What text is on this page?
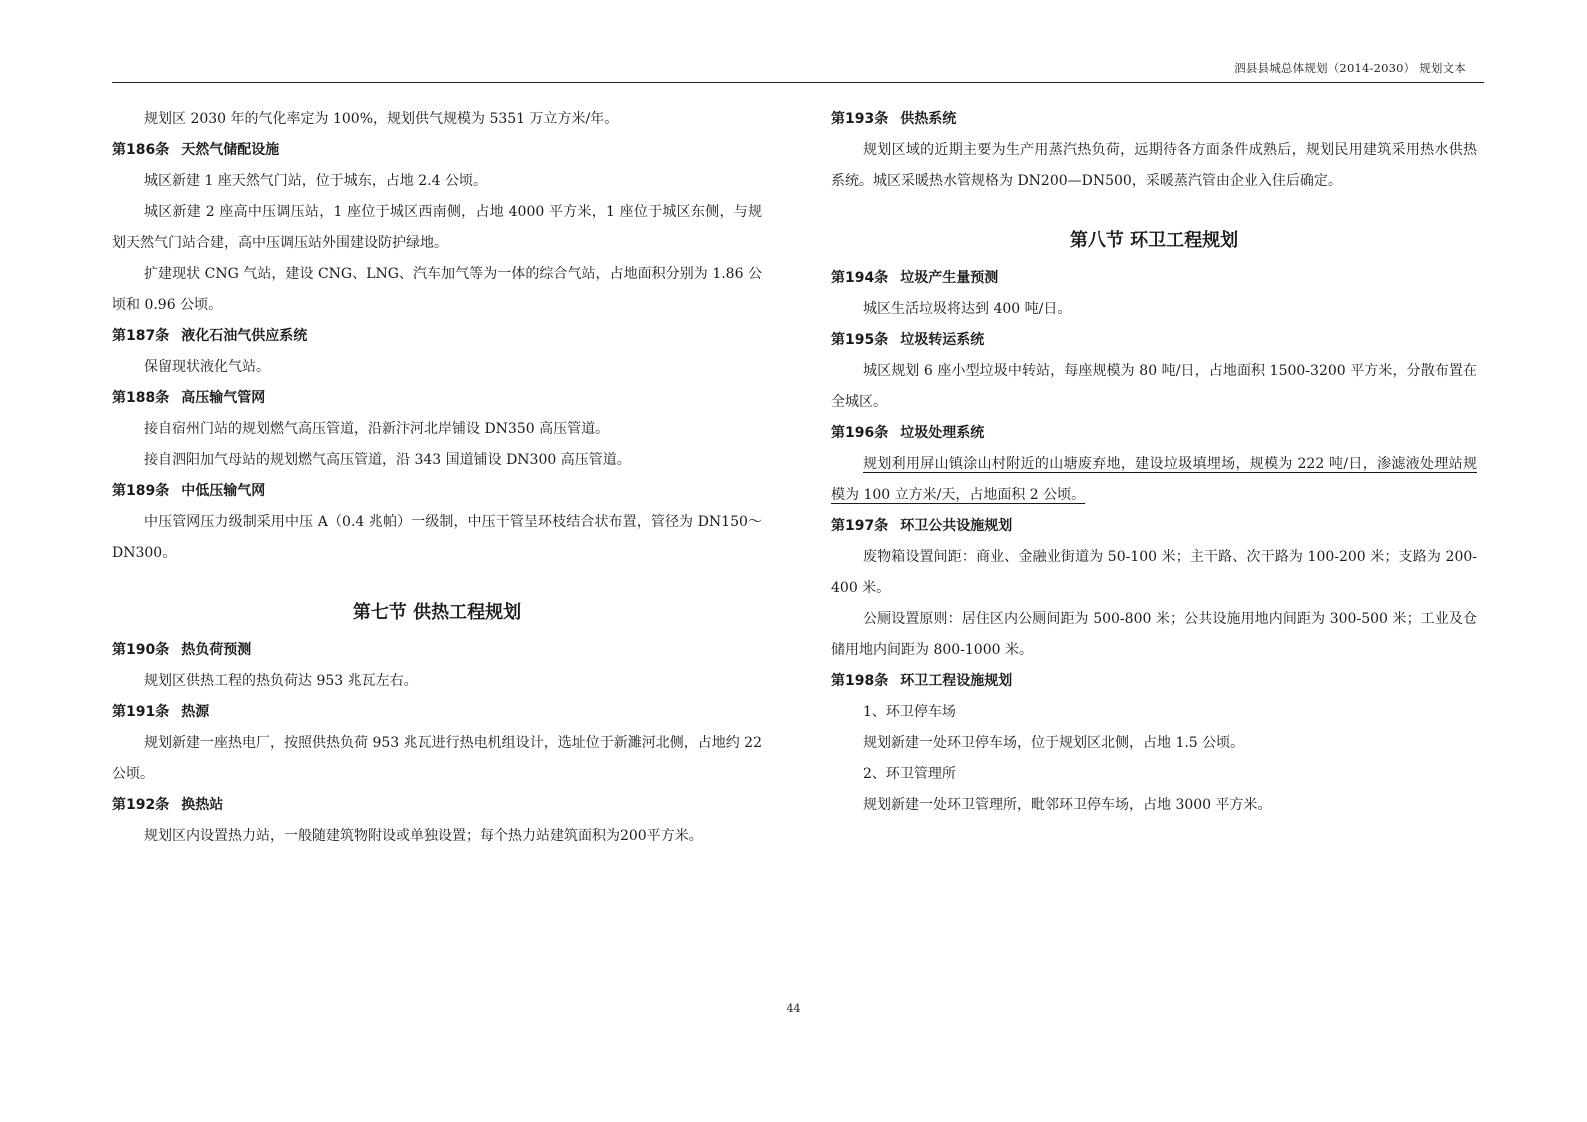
泗县县城总体规划（2014-2030） 规划文本

规划区 2030 年的气化率定为 100%，规划供气规模为 5351 万立方米/年。

第186条 天然气储配设施

城区新建 1 座天然气门站，位于城东，占地 2.4 公顷。

城区新建 2 座高中压调压站，1 座位于城区西南侧，占地 4000 平方米，1 座位于城区东侧，与规划天然气门站合建，高中压调压站外围建设防护绿地。

扩建现状 CNG 气站，建设 CNG、LNG、汽车加气等为一体的综合气站，占地面积分别为 1.86 公顷和 0.96 公顷。

第187条 液化石油气供应系统

保留现状液化气站。

第188条 高压输气管网

接自宿州门站的规划燃气高压管道，沿新汴河北岸铺设 DN350 高压管道。

接自泗阳加气母站的规划燃气高压管道，沿 343 国道铺设 DN300 高压管道。

第189条 中低压输气网

中压管网压力级制采用中压 A（0.4 兆帕）一级制，中压干管呈环枝结合状布置，管径为 DN150～DN300。

第七节 供热工程规划

第190条 热负荷预测

规划区供热工程的热负荷达 953 兆瓦左右。

第191条 热源

规划新建一座热电厂，按照供热负荷 953 兆瓦进行热电机组设计，选址位于新濉河北侧，占地约 22 公顷。

第192条 换热站

规划区内设置热力站，一般随建筑物附设或单独设置；每个热力站建筑面积为200平方米。

第193条 供热系统

规划区域的近期主要为生产用蒸汽热负荷，远期待各方面条件成熟后，规划民用建筑采用热水供热系统。城区采暖热水管规格为 DN200—DN500，采暖蒸汽管由企业入住后确定。

第八节 环卫工程规划

第194条 垃圾产生量预测

城区生活垃圾将达到 400 吨/日。

第195条 垃圾转运系统

城区规划 6 座小型垃圾中转站，每座规模为 80 吨/日，占地面积 1500-3200 平方米，分散布置在全城区。

第196条 垃圾处理系统

规划利用屏山镇涂山村附近的山塘废弃地，建设垃圾填埋场，规模为 222 吨/日，渗滤液处理站规模为 100 立方米/天，占地面积 2 公顷。

第197条 环卫公共设施规划

废物箱设置间距：商业、金融业街道为 50-100 米；主干路、次干路为 100-200 米；支路为 200-400 米。

公厕设置原则：居住区内公厕间距为 500-800 米；公共设施用地内间距为 300-500 米；工业及仓储用地内间距为 800-1000 米。

第198条 环卫工程设施规划

1、环卫停车场

规划新建一处环卫停车场，位于规划区北侧，占地 1.5 公顷。

2、环卫管理所

规划新建一处环卫管理所，毗邻环卫停车场，占地 3000 平方米。

44
